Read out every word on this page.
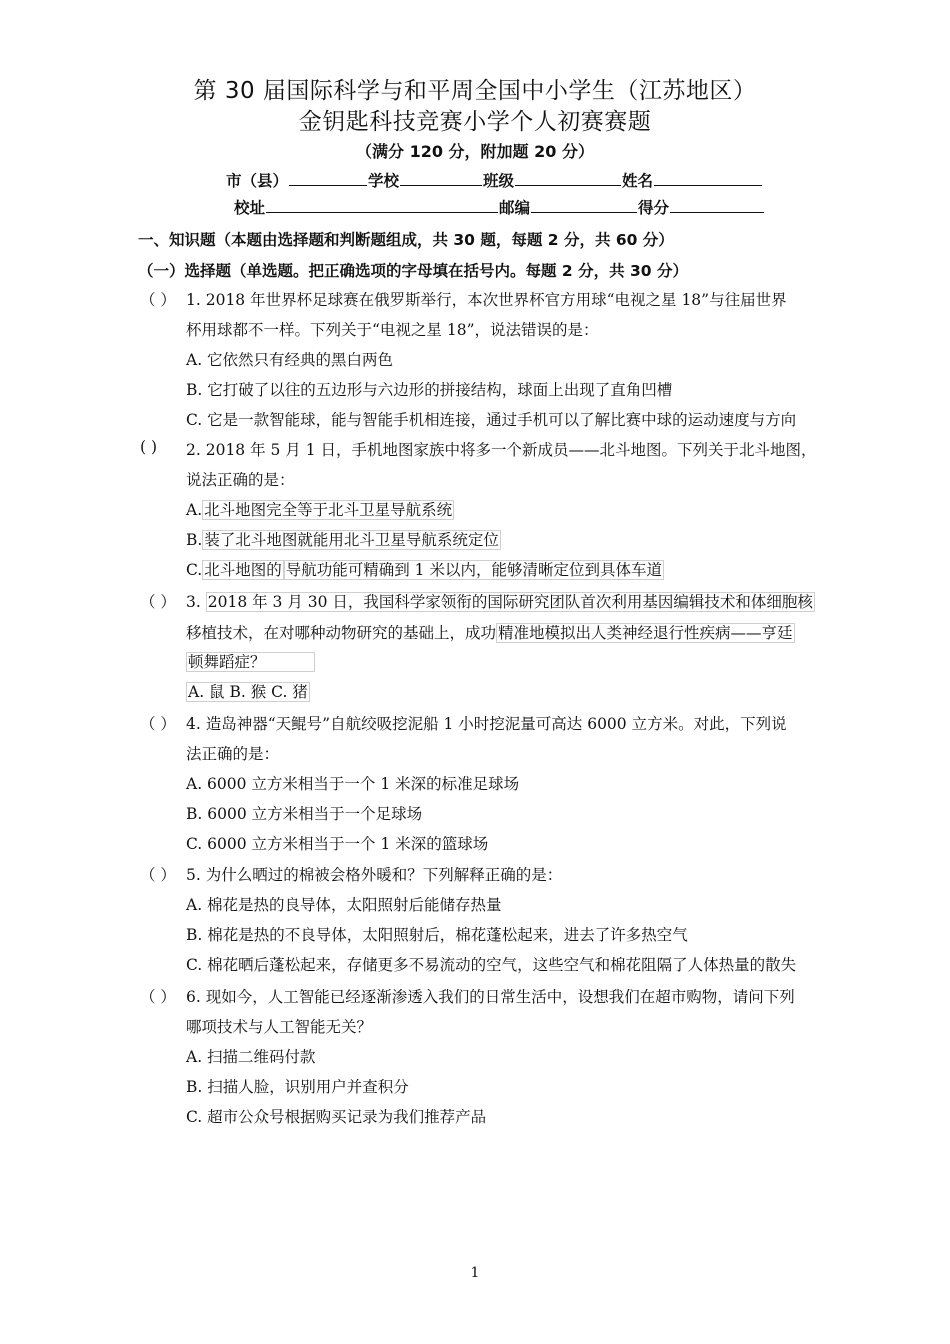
第 30 届国际科学与和平周全国中小学生（江苏地区）
金钥匙科技竞赛小学个人初赛赛题
（满分 120 分，附加题 20 分）
市（县）	学校	班级	姓名
校址	邮编	得分
一、知识题（本题由选择题和判断题组成，共 30 题，每题 2 分，共 60 分）
（一）选择题（单选题。把正确选项的字母填在括号内。每题 2 分，共 30 分）
（ ） 1. 2018 年世界杯足球赛在俄罗斯举行，本次世界杯官方用球“电视之星 18”与往届世界
杯用球都不一样。下列关于“电视之星 18”，说法错误的是：
A. 它依然只有经典的黑白两色
B. 它打破了以往的五边形与六边形的拼接结构，球面上出现了直角凹槽
C. 它是一款智能球，能与智能手机相连接，通过手机可以了解比赛中球的运动速度与方向
( ) 2. 2018 年 5 月 1 日，手机地图家族中将多一个新成员——北斗地图。下列关于北斗地图，
说法正确的是：
A. 北斗地图完全等于北斗卫星导航系统
B. 装了北斗地图就能用北斗卫星导航系统定位
C. 北斗地图的 导航功能可精确到 1 米以内，能够清晰定位到具体车道
（ ） 3. 2018 年 3 月 30 日，我国科学家领衔的国际研究团队首次利用基因编辑技术和体细胞核
移植技术，在对哪种动物研究的基础上，成功 精准地模拟出人类神经退行性疾病——亨廷
顿舞蹈症？
A. 鼠 B. 猴 C. 猪
（ ） 4. 造岛神器“天鲲号”自航绞吸挖泥船 1 小时挖泥量可高达 6000 立方米。对此，下列说
法正确的是：
A. 6000 立方米相当于一个 1 米深的标准足球场
B. 6000 立方米相当于一个足球场
C. 6000 立方米相当于一个 1 米深的篮球场
（ ） 5. 为什么晒过的棉被会格外暖和？下列解释正确的是：
A. 棉花是热的良导体，太阳照射后能储存热量
B. 棉花是热的不良导体，太阳照射后，棉花蓬松起来，进去了许多热空气
C. 棉花晒后蓬松起来，存储更多不易流动的空气，这些空气和棉花阻隔了人体热量的散失
（ ） 6. 现如今，人工智能已经逐渐渗透入我们的日常生活中，设想我们在超市购物，请问下列
哪项技术与人工智能无关？
A. 扫描二维码付款
B. 扫描人脸，识别用户并查积分
C. 超市公众号根据购买记录为我们推荐产品
1
